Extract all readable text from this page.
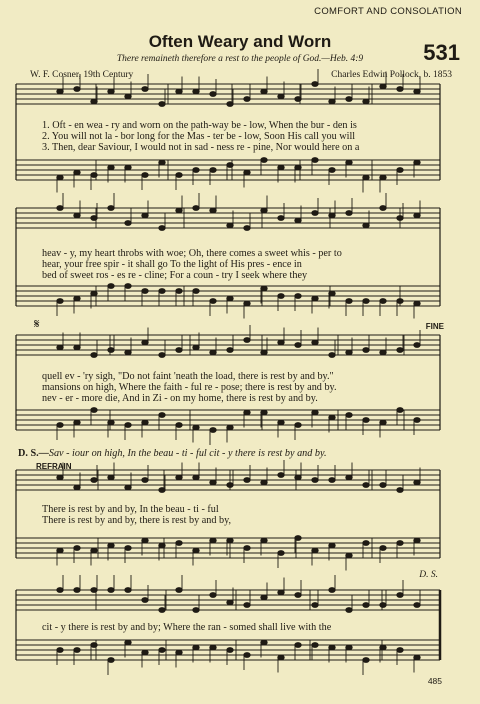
COMFORT AND CONSOLATION
Often Weary and Worn	531
There remaineth therefore a rest to the people of God.—Heb. 4:9
W. F. Cosner, 19th Century	Charles Edwin Pollock, b. 1853
𝄋	FINE
REFRAIN
D. S.
1. Oft - en wea - ry and worn on the path-way be - low, When the bur - den is
2. You will not la - bor long for the Mas - ter be - low, Soon His call you will
3. Then, dear Saviour, I would not in sad - ness re - pine, Nor would here on a
heav - y, my heart throbs with woe; Oh, there comes a sweet whis - per to
hear, your free spir - it shall go To the light of His pres - ence in
bed of sweet ros - es re - cline; For a coun - try I seek where they
quell ev - 'ry sigh, "Do not faint 'neath the load, there is rest by and by."
mansions on high, Where the faith - ful re - pose; there is rest by and by.
nev - er - more die, And in Zi - on my home, there is rest by and by.
D. S.—Sav - iour on high, In the beau - ti - ful cit - y there is rest by and by.
There is rest by and by, In the beau - ti - ful
There is rest by and by, there is rest by and by,
cit - y there is rest by and by; Where the ran - somed shall live with the
485
